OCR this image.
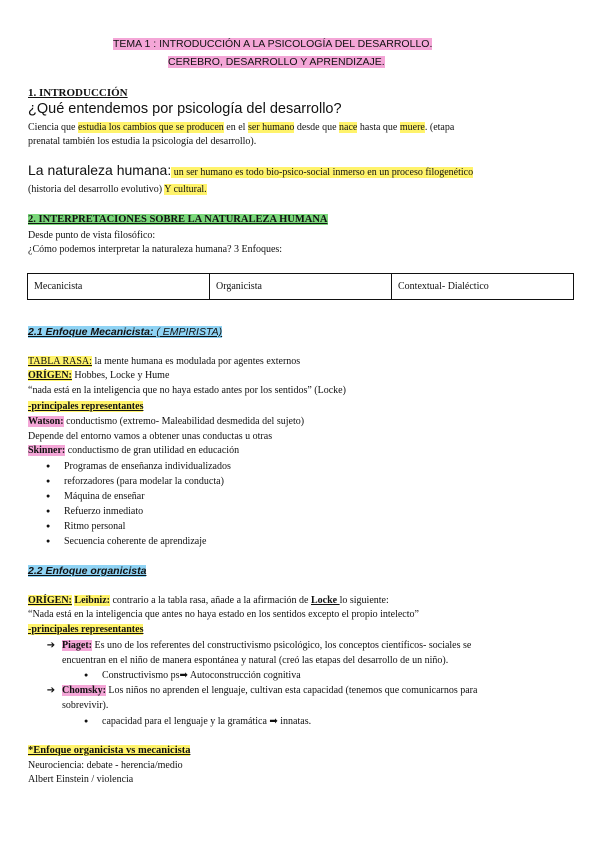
TEMA 1 : INTRODUCCIÓN A LA PSICOLOGÍA DEL DESARROLLO.
CEREBRO, DESARROLLO Y APRENDIZAJE.
1. INTRODUCCIÓN
¿Qué entendemos por psicología del desarrollo?
Ciencia que estudia los cambios que se producen en el ser humano desde que nace hasta que muere. (etapa
prenatal también los estudia la psicología del desarrollo).
La naturaleza humana: un ser humano es todo bio-psico-social inmerso en un proceso filogenético
(historia del desarrollo evolutivo) Y cultural.
2. INTERPRETACIONES SOBRE LA NATURALEZA HUMANA
Desde punto de vista filosófico:
¿Cómo podemos interpretar la naturaleza humana? 3 Enfoques:
Mecanicista	Organicista	Contextual- Dialéctico
2.1 Enfoque Mecanicista: ( EMPIRISTA)
TABLA RASA: la mente humana es modulada por agentes externos
ORÍGEN: Hobbes, Locke y Hume
“nada está en la inteligencia que no haya estado antes por los sentidos” (Locke)
-principales representantes
Watson: conductismo (extremo- Maleabilidad desmedida del sujeto)
Depende del entorno vamos a obtener unas conductas u otras
Skinner: conductismo de gran utilidad en educación
● Programas de enseñanza individualizados
● reforzadores (para modelar la conducta)
● Máquina de enseñar
● Refuerzo inmediato
● Ritmo personal
● Secuencia coherente de aprendizaje
2.2 Enfoque organicista
ORÍGEN: Leibniz: contrario a la tabla rasa, añade a la afirmación de Locke lo siguiente:
“Nada está en la inteligencia que antes no haya estado en los sentidos excepto el propio intelecto”
-principales representantes
➔ Piaget: Es uno de los referentes del constructivismo psicológico, los conceptos científicos- sociales se
encuentran en el niño de manera espontánea y natural (creó las etapas del desarrollo de un niño).
● Constructivismo ps➡ Autoconstrucción cognitiva
➔ Chomsky: Los niños no aprenden el lenguaje, cultivan esta capacidad (tenemos que comunicarnos para
sobrevivir).
● capacidad para el lenguaje y la gramática ➡ innatas.
*Enfoque organicista vs mecanicista
Neurociencia: debate - herencia/medio
Albert Einstein / violencia
